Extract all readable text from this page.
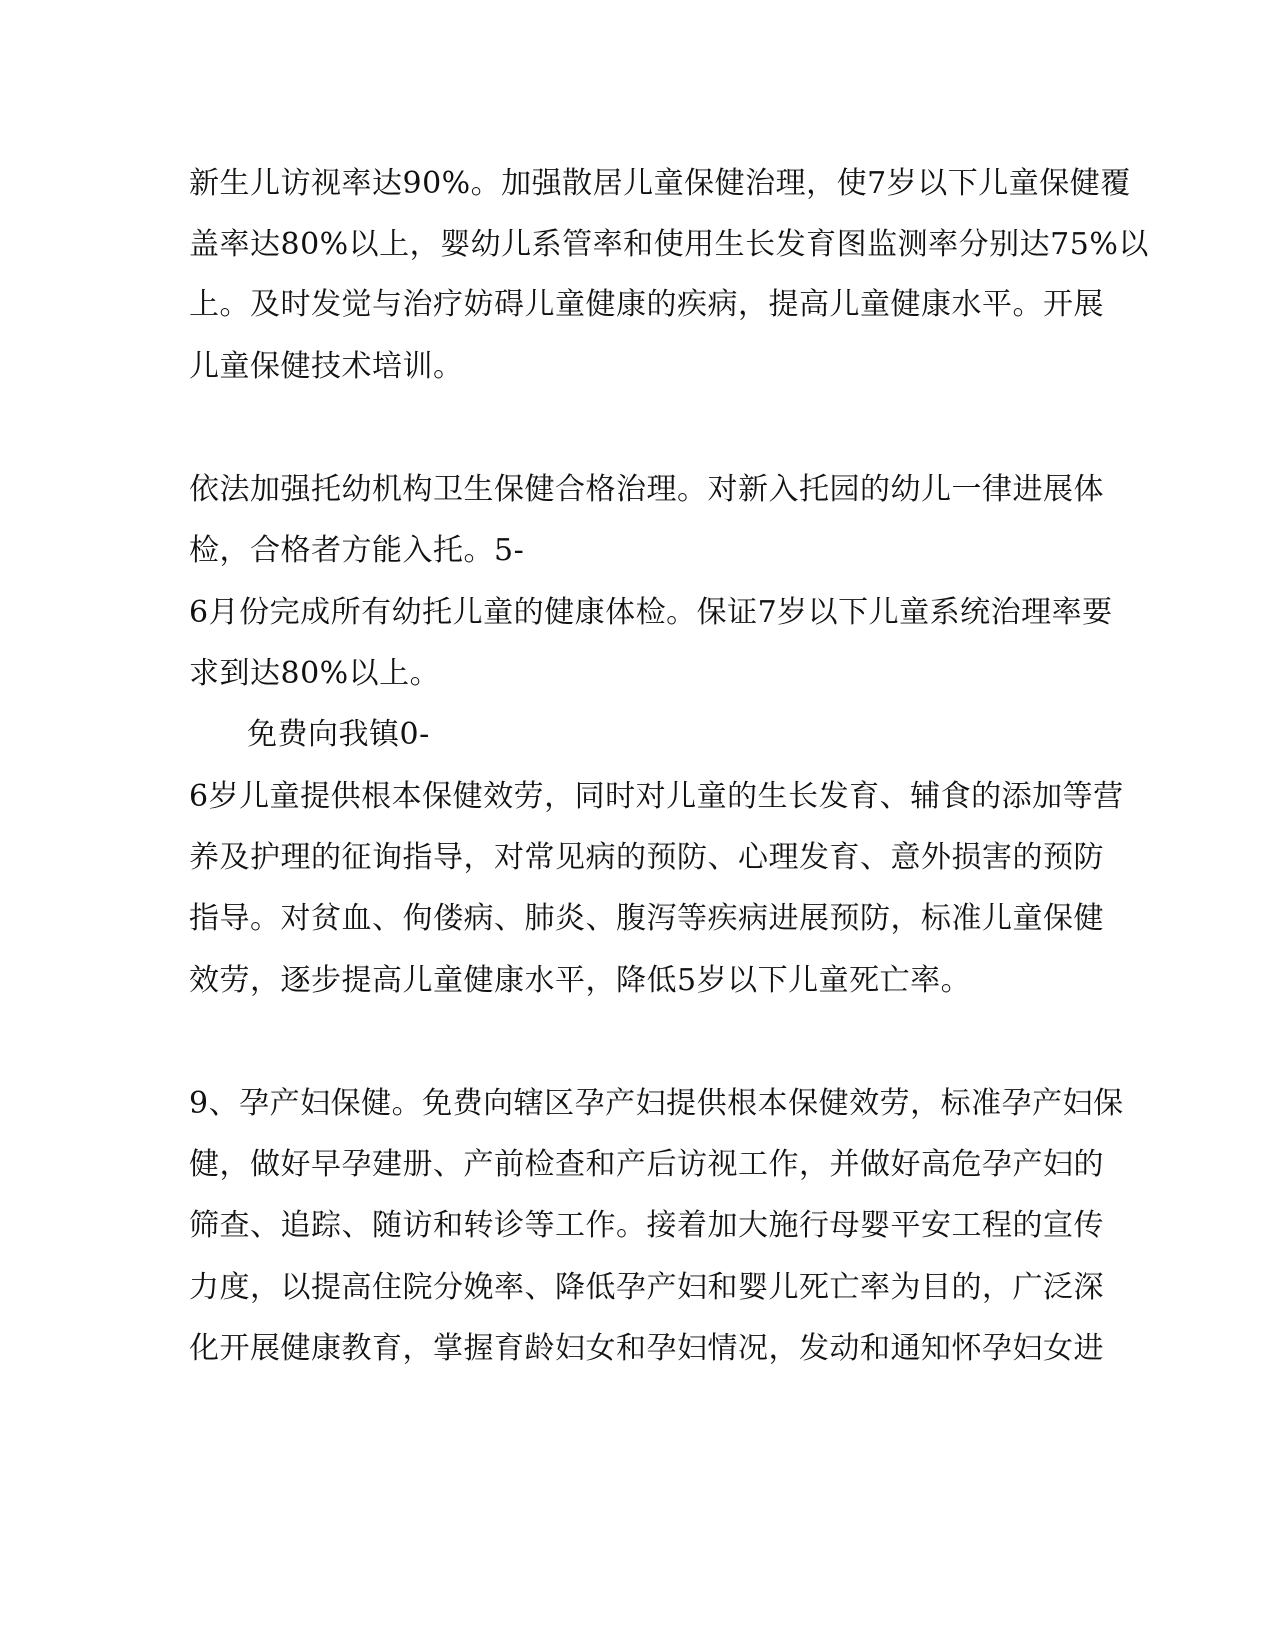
新生儿访视率达90%。加强散居儿童保健治理，使7岁以下儿童保健覆
盖率达80%以上，婴幼儿系管率和使用生长发育图监测率分别达75%以
上。及时发觉与治疗妨碍儿童健康的疾病，提高儿童健康水平。开展
儿童保健技术培训。
依法加强托幼机构卫生保健合格治理。对新入托园的幼儿一律进展体
检，合格者方能入托。5-
6月份完成所有幼托儿童的健康体检。保证7岁以下儿童系统治理率要
求到达80%以上。
免费向我镇0-
6岁儿童提供根本保健效劳，同时对儿童的生长发育、辅食的添加等营
养及护理的征询指导，对常见病的预防、心理发育、意外损害的预防
指导。对贫血、佝偻病、肺炎、腹泻等疾病进展预防，标准儿童保健
效劳，逐步提高儿童健康水平，降低5岁以下儿童死亡率。
9、孕产妇保健。免费向辖区孕产妇提供根本保健效劳，标准孕产妇保
健，做好早孕建册、产前检查和产后访视工作，并做好高危孕产妇的
筛查、追踪、随访和转诊等工作。接着加大施行母婴平安工程的宣传
力度，以提高住院分娩率、降低孕产妇和婴儿死亡率为目的，广泛深
化开展健康教育，掌握育龄妇女和孕妇情况，发动和通知怀孕妇女进
